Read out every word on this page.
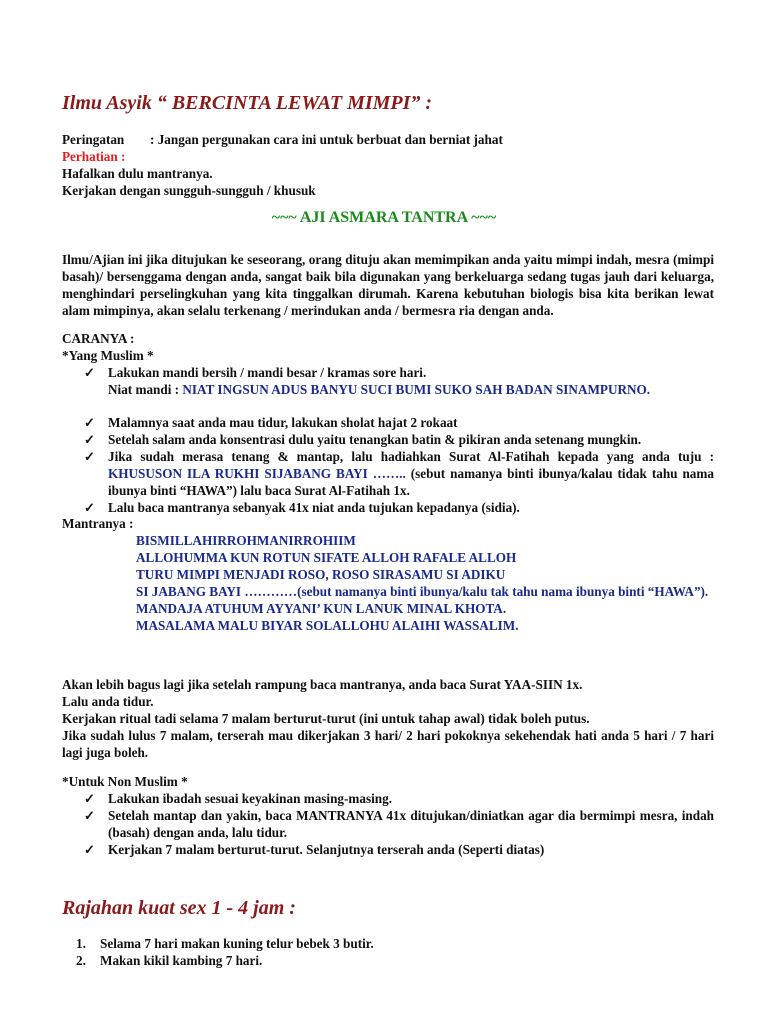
Ilmu Asyik “ BERCINTA LEWAT MIMPI” :
Peringatan : Jangan pergunakan cara ini untuk berbuat dan berniat jahat
Perhatian :
Hafalkan dulu mantranya.
Kerjakan dengan sungguh-sungguh / khusuk
~~~ AJI ASMARA TANTRA ~~~
Ilmu/Ajian ini jika ditujukan ke seseorang, orang dituju akan memimpikan anda yaitu mimpi indah, mesra (mimpi basah)/ bersenggama dengan anda, sangat baik bila digunakan yang berkeluarga sedang tugas jauh dari keluarga, menghindari perselingkuhan yang kita tinggalkan dirumah. Karena kebutuhan biologis bisa kita berikan lewat alam mimpinya, akan selalu terkenang / merindukan anda / bermesra ria dengan anda.
CARANYA :
*Yang Muslim *
✓ Lakukan mandi bersih / mandi besar / kramas sore hari.
Niat mandi : NIAT INGSUN ADUS BANYU SUCI BUMI SUKO SAH BADAN SINAMPURNO.
✓ Malamnya saat anda mau tidur, lakukan sholat hajat 2 rokaat
✓ Setelah salam anda konsentrasi dulu yaitu tenangkan batin & pikiran anda setenang mungkin.
✓ Jika sudah merasa tenang & mantap, lalu hadiahkan Surat Al-Fatihah kepada yang anda tuju : KHUSUSON ILA RUKHI SIJABANG BAYI …….. (sebut namanya binti ibunya/kalau tidak tahu nama ibunya binti “HAWA”) lalu baca Surat Al-Fatihah 1x.
✓ Lalu baca mantranya sebanyak 41x niat anda tujukan kepadanya (sidia).
Mantranya :
BISMILLAHIRROHMANIRROHIIM
ALLOHUMMA KUN ROTUN SIFATE ALLOH RAFALE ALLOH
TURU MIMPI MENJADI ROSO, ROSO SIRASAMU SI ADIKU
SI JABANG BAYI …………(sebut namanya binti ibunya/kalu tak tahu nama ibunya binti “HAWA”).
MANDAJA ATUHUM AYYANI’ KUN LANUK MINAL KHOTA.
MASALAMA MALU BIYAR SOLALLOHU ALAIHI WASSALIM.
Akan lebih bagus lagi jika setelah rampung baca mantranya, anda baca Surat YAA-SIIN 1x.
Lalu anda tidur.
Kerjakan ritual tadi selama 7 malam berturut-turut (ini untuk tahap awal) tidak boleh putus.
Jika sudah lulus 7 malam, terserah mau dikerjakan 3 hari/ 2 hari pokoknya sekehendak hati anda 5 hari / 7 hari lagi juga boleh.
*Untuk Non Muslim *
✓ Lakukan ibadah sesuai keyakinan masing-masing.
✓ Setelah mantap dan yakin, baca MANTRANYA 41x ditujukan/diniatkan agar dia bermimpi mesra, indah (basah) dengan anda, lalu tidur.
✓ Kerjakan 7 malam berturut-turut. Selanjutnya terserah anda (Seperti diatas)
Rajahan kuat sex 1 - 4 jam :
1. Selama 7 hari makan kuning telur bebek 3 butir.
2. Makan kikil kambing 7 hari.
